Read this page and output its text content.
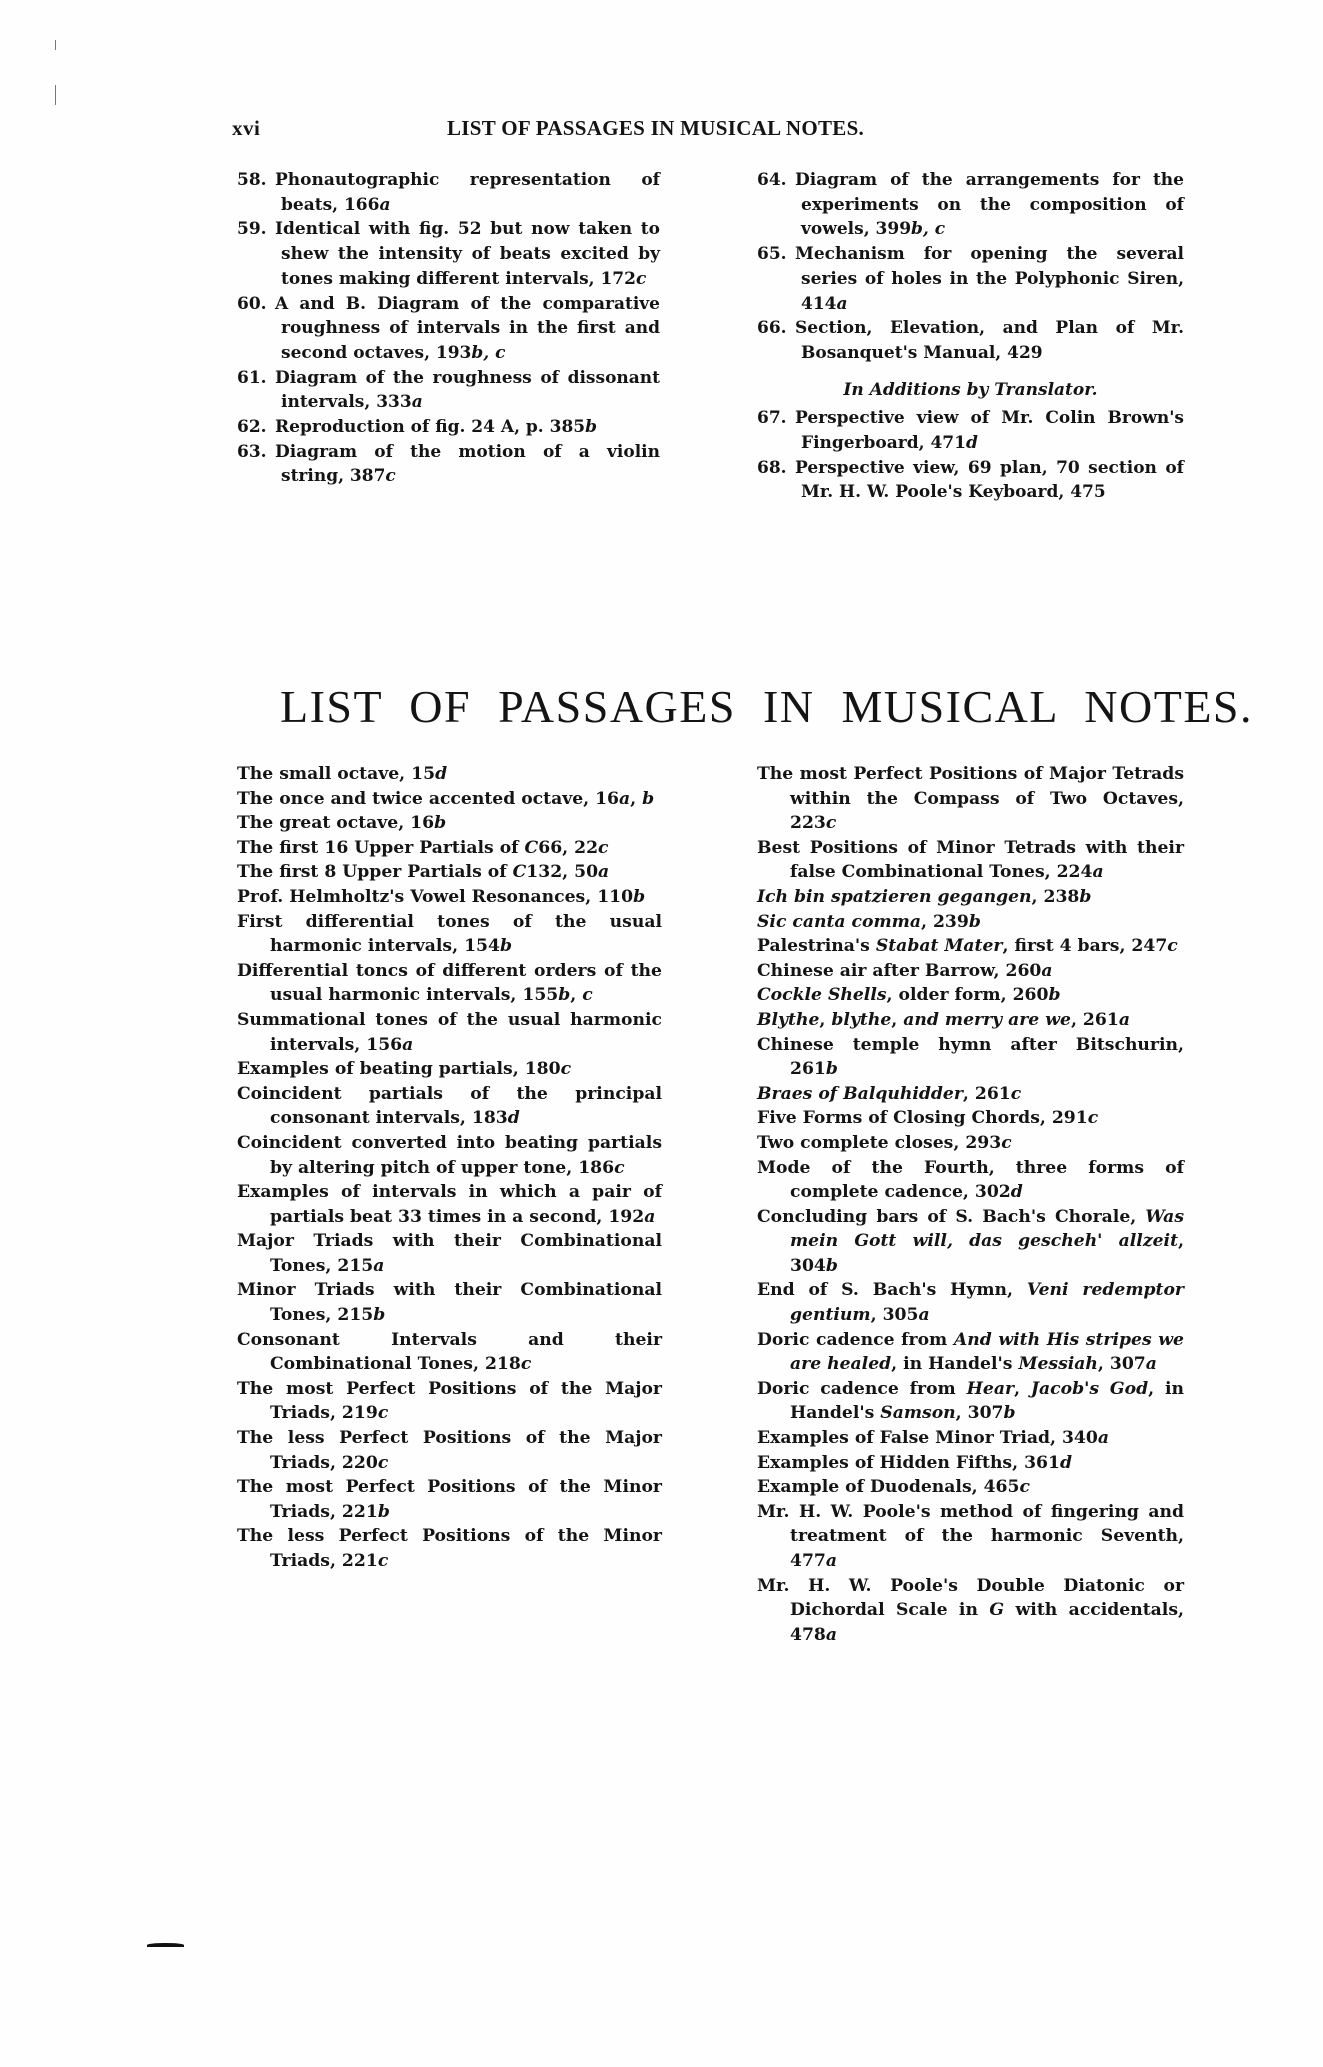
xvi	LIST OF PASSAGES IN MUSICAL NOTES.
58. Phonautographic representation of beats, 166a
59. Identical with fig. 52 but now taken to shew the intensity of beats excited by tones making different intervals, 172c
60. A and B. Diagram of the comparative roughness of intervals in the first and second octaves, 193b, c
61. Diagram of the roughness of dissonant intervals, 333a
62. Reproduction of fig. 24 A, p. 385b
63. Diagram of the motion of a violin string, 387c
64. Diagram of the arrangements for the experiments on the composition of vowels, 399b, c
65. Mechanism for opening the several series of holes in the Polyphonic Siren, 414a
66. Section, Elevation, and Plan of Mr. Bosanquet's Manual, 429
In Additions by Translator.
67. Perspective view of Mr. Colin Brown's Fingerboard, 471d
68. Perspective view, 69 plan, 70 section of Mr. H. W. Poole's Keyboard, 475
LIST OF PASSAGES IN MUSICAL NOTES.
The small octave, 15d
The once and twice accented octave, 16a, b
The great octave, 16b
The first 16 Upper Partials of C66, 22c
The first 8 Upper Partials of C132, 50a
Prof. Helmholtz's Vowel Resonances, 110b
First differential tones of the usual harmonic intervals, 154b
Differential toncs of different orders of the usual harmonic intervals, 155b, c
Summational tones of the usual harmonic intervals, 156a
Examples of beating partials, 180c
Coincident partials of the principal consonant intervals, 183d
Coincident converted into beating partials by altering pitch of upper tone, 186c
Examples of intervals in which a pair of partials beat 33 times in a second, 192a
Major Triads with their Combinational Tones, 215a
Minor Triads with their Combinational Tones, 215b
Consonant Intervals and their Combinational Tones, 218c
The most Perfect Positions of the Major Triads, 219c
The less Perfect Positions of the Major Triads, 220c
The most Perfect Positions of the Minor Triads, 221b
The less Perfect Positions of the Minor Triads, 221c
The most Perfect Positions of Major Tetrads within the Compass of Two Octaves, 223c
Best Positions of Minor Tetrads with their false Combinational Tones, 224a
Ich bin spatzieren gegangen, 238b
Sic canta comma, 239b
Palestrina's Stabat Mater, first 4 bars, 247c
Chinese air after Barrow, 260a
Cockle Shells, older form, 260b
Blythe, blythe, and merry are we, 261a
Chinese temple hymn after Bitschurin, 261b
Braes of Balquhidder, 261c
Five Forms of Closing Chords, 291c
Two complete closes, 293c
Mode of the Fourth, three forms of complete cadence, 302d
Concluding bars of S. Bach's Chorale, Was mein Gott will, das gescheh' allzeit, 304b
End of S. Bach's Hymn, Veni redemptor gentium, 305a
Doric cadence from And with His stripes we are healed, in Handel's Messiah, 307a
Doric cadence from Hear, Jacob's God, in Handel's Samson, 307b
Examples of False Minor Triad, 340a
Examples of Hidden Fifths, 361d
Example of Duodenals, 465c
Mr. H. W. Poole's method of fingering and treatment of the harmonic Seventh, 477a
Mr. H. W. Poole's Double Diatonic or Dichordal Scale in G with accidentals, 478a
